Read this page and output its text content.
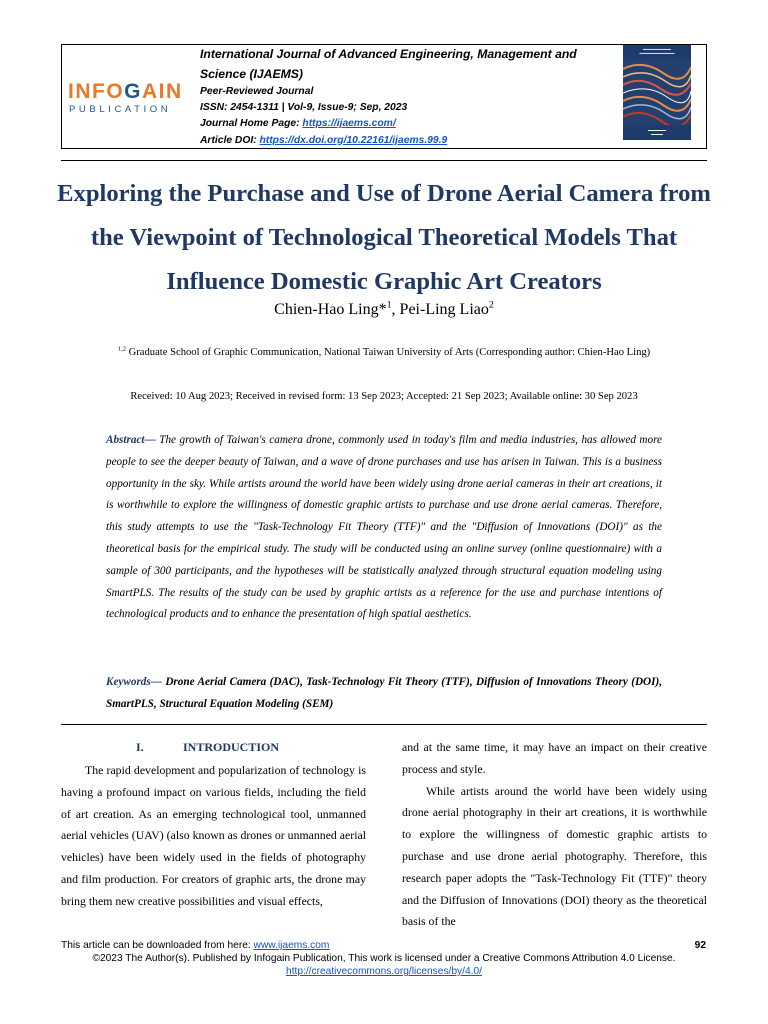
INFOGAIN
PUBLICATION
International Journal of Advanced Engineering, Management and Science (IJAEMS)
Peer-Reviewed Journal
ISSN: 2454-1311 | Vol-9, Issue-9; Sep, 2023
Journal Home Page: https://ijaems.com/
Article DOI: https://dx.doi.org/10.22161/ijaems.99.9
▬▬▬▬▬▬▬▬
▬▬▬▬▬▬▬▬▬▬
▬▬▬▬▬▬
▬▬▬▬
Exploring the Purchase and Use of Drone Aerial Camera from the Viewpoint of Technological Theoretical Models That Influence Domestic Graphic Art Creators
Chien-Hao Ling*$^1$, Pei-Ling Liao$^2$
$^{1,2}$ Graduate School of Graphic Communication, National Taiwan University of Arts (Corresponding author: Chien-Hao Ling)
Received: 10 Aug 2023; Received in revised form: 13 Sep 2023; Accepted: 21 Sep 2023; Available online: 30 Sep 2023
Abstract— The growth of Taiwan's camera drone, commonly used in today's film and media industries, has allowed more people to see the deeper beauty of Taiwan, and a wave of drone purchases and use has arisen in Taiwan. This is a business opportunity in the sky. While artists around the world have been widely using drone aerial cameras in their art creations, it is worthwhile to explore the willingness of domestic graphic artists to purchase and use drone aerial cameras. Therefore, this study attempts to use the "Task-Technology Fit Theory (TTF)" and the "Diffusion of Innovations (DOI)" as the theoretical basis for the empirical study. The study will be conducted using an online survey (online questionnaire) with a sample of 300 participants, and the hypotheses will be statistically analyzed through structural equation modeling using SmartPLS. The results of the study can be used by graphic artists as a reference for the use and purchase intentions of technological products and to enhance the presentation of high spatial aesthetics.
Keywords— Drone Aerial Camera (DAC), Task-Technology Fit Theory (TTF), Diffusion of Innovations Theory (DOI), SmartPLS, Structural Equation Modeling (SEM)
I.	INTRODUCTION

The rapid development and popularization of technology is having a profound impact on various fields, including the field of art creation. As an emerging technological tool, unmanned aerial vehicles (UAV) (also known as drones or unmanned aerial vehicles) have been widely used in the fields of photography and film production. For creators of graphic arts, the drone may bring them new creative possibilities and visual effects,

and at the same time, it may have an impact on their creative process and style.

While artists around the world have been widely using drone aerial photography in their art creations, it is worthwhile to explore the willingness of domestic graphic artists to purchase and use drone aerial photography. Therefore, this research paper adopts the "Task-Technology Fit (TTF)" theory and the Diffusion of Innovations (DOI) theory as the theoretical basis of the

This article can be downloaded from here: www.ijaems.com	92
©2023 The Author(s). Published by Infogain Publication, This work is licensed under a Creative Commons Attribution 4.0 License.
http://creativecommons.org/licenses/by/4.0/
